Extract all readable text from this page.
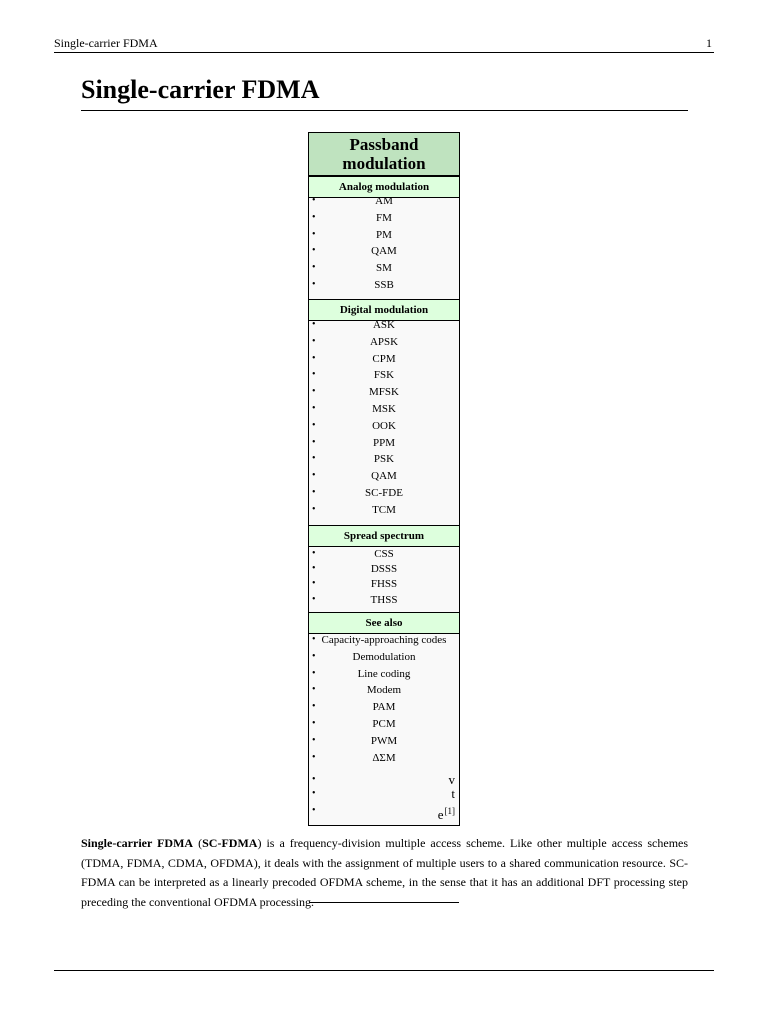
Single-carrier FDMA	1
Single-carrier FDMA
Passband modulation
Analog modulation
•	AM
•	FM
•	PM
•	QAM
•	SM
•	SSB
Digital modulation
•	ASK
•	APSK
•	CPM
•	FSK
•	MFSK
•	MSK
•	OOK
•	PPM
•	PSK
•	QAM
•	SC-FDE
•	TCM
Spread spectrum
•	CSS
•	DSSS
•	FHSS
•	THSS
See also
• Capacity-approaching codes
•	Demodulation
•	Line coding
•	Modem
•	PAM
•	PCM
•	PWM
•	ΔΣM
•	v
•	t
•	e[1]

Single-carrier FDMA (SC-FDMA) is a frequency-division multiple access scheme. Like other multiple access schemes (TDMA, FDMA, CDMA, OFDMA), it deals with the assignment of multiple users to a shared communication resource. SC-FDMA can be interpreted as a linearly precoded OFDMA scheme, in the sense that it has an additional DFT processing step preceding the conventional OFDMA processing.
